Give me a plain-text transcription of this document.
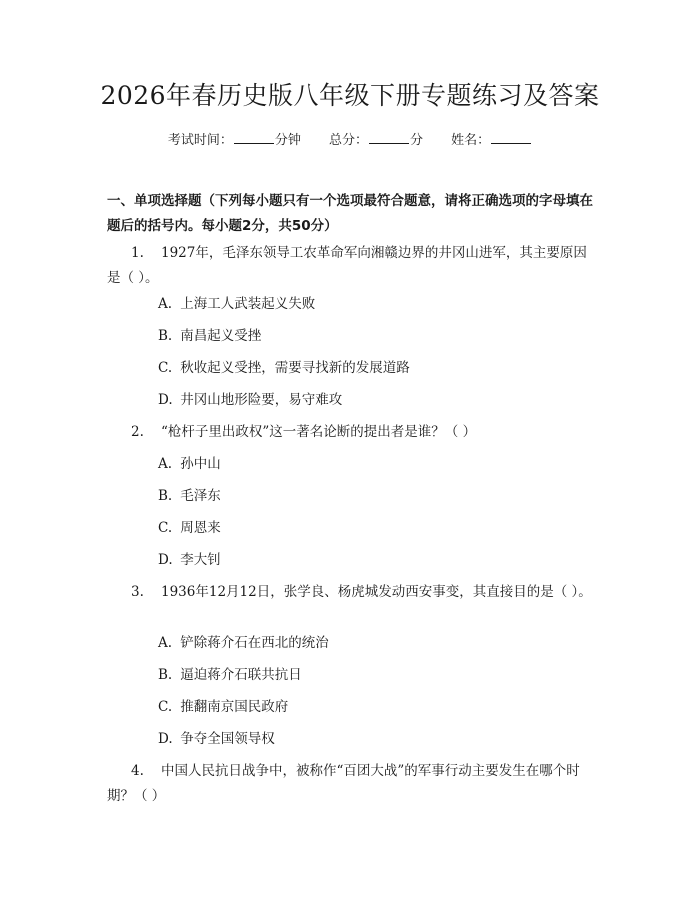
2026年春历史版八年级下册专题练习及答案
考试时间：	分钟 总分：	分 姓名：
一、单项选择题（下列每小题只有一个选项最符合题意，请将正确选项的字母填在题后的括号内。每小题2分，共50分）
1. 1927年，毛泽东领导工农革命军向湘赣边界的井冈山进军，其主要原因是（ ）。
A. 上海工人武装起义失败
B. 南昌起义受挫
C. 秋收起义受挫，需要寻找新的发展道路
D. 井冈山地形险要，易守难攻
2. “枪杆子里出政权”这一著名论断的提出者是谁？（ ）
A. 孙中山
B. 毛泽东
C. 周恩来
D. 李大钊
3. 1936年12月12日，张学良、杨虎城发动西安事变，其直接目的是（ ）。
A. 铲除蒋介石在西北的统治
B. 逼迫蒋介石联共抗日
C. 推翻南京国民政府
D. 争夺全国领导权
4. 中国人民抗日战争中，被称作“百团大战”的军事行动主要发生在哪个时期？（ ）
